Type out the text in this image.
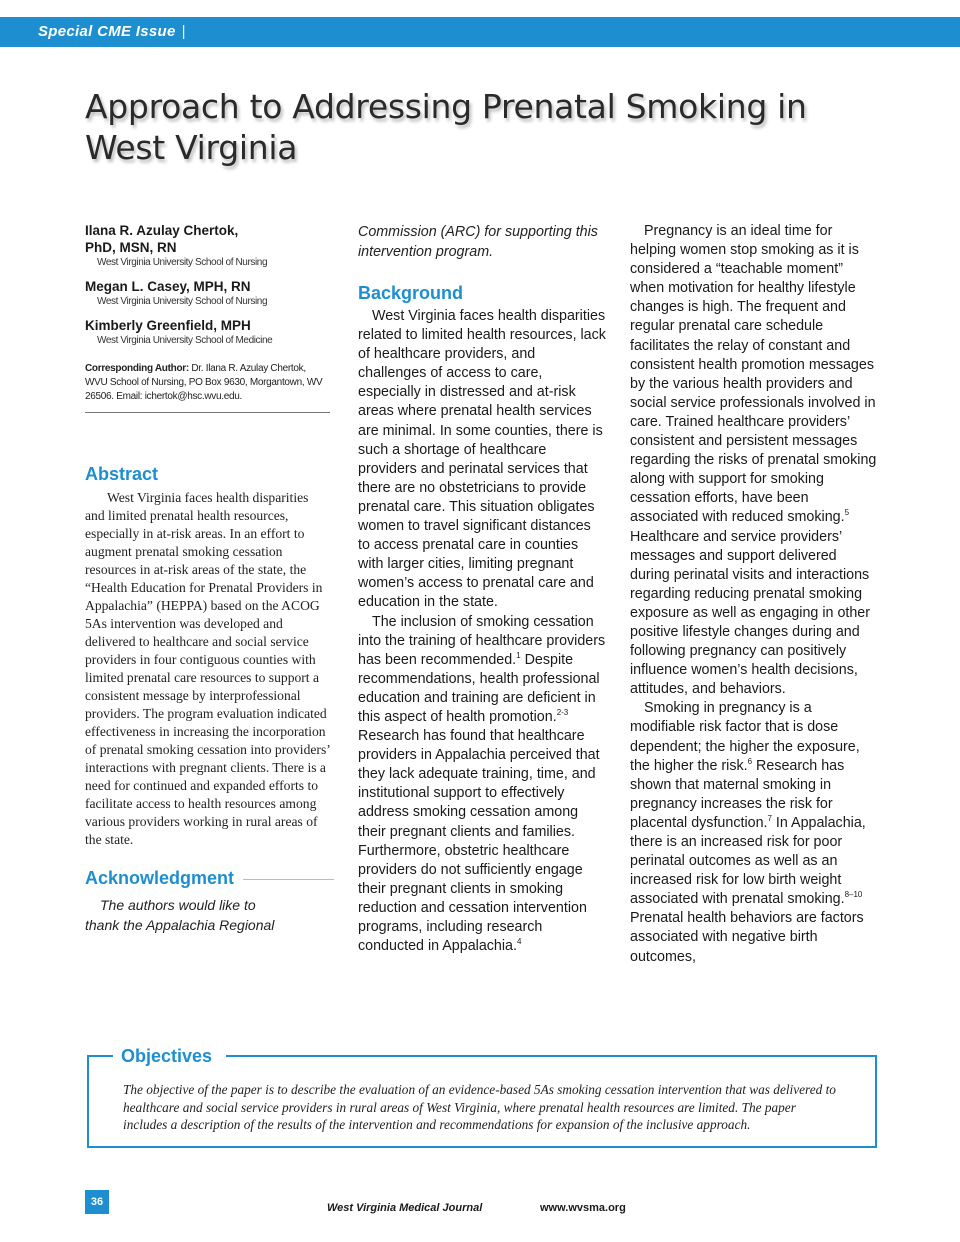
Special CME Issue |
Approach to Addressing Prenatal Smoking in
West Virginia
Ilana R. Azulay Chertok,
PhD, MSN, RN
West Virginia University School of Nursing
Megan L. Casey, MPH, RN
West Virginia University School of Nursing
Kimberly Greenfield, MPH
West Virginia University School of Medicine
Corresponding Author: Dr. Ilana R. Azulay Chertok, WVU School of Nursing, PO Box 9630, Morgantown, WV 26506. Email: ichertok@hsc.wvu.edu.
Abstract

West Virginia faces health disparities and limited prenatal health resources, especially in at-risk areas. In an effort to augment prenatal smoking cessation resources in at-risk areas of the state, the “Health Education for Prenatal Providers in Appalachia” (HEPPA) based on the ACOG 5As intervention was developed and delivered to healthcare and social service providers in four contiguous counties with limited prenatal care resources to support a consistent message by interprofessional providers. The program evaluation indicated effectiveness in increasing the incorporation of prenatal smoking cessation into providers’ interactions with pregnant clients. There is a need for continued and expanded efforts to facilitate access to health resources among various providers working in rural areas of the state.

Acknowledgment
The authors would like to
thank the Appalachia Regional
Commission (ARC) for supporting this intervention program.
Background

West Virginia faces health disparities related to limited health resources, lack of healthcare providers, and challenges of access to care, especially in distressed and at-risk areas where prenatal health services are minimal. In some counties, there is such a shortage of healthcare providers and perinatal services that there are no obstetricians to provide prenatal care. This situation obligates women to travel significant distances to access prenatal care in counties with larger cities, limiting pregnant women’s access to prenatal care and education in the state.

The inclusion of smoking cessation into the training of healthcare providers has been recommended.$^1$ Despite recommendations, health professional education and training are deficient in this aspect of health promotion.$^{2-3}$ Research has found that healthcare providers in Appalachia perceived that they lack adequate training, time, and institutional support to effectively address smoking cessation among their pregnant clients and families. Furthermore, obstetric healthcare providers do not sufficiently engage their pregnant clients in smoking reduction and cessation intervention programs, including research conducted in Appalachia.$^4$

Pregnancy is an ideal time for helping women stop smoking as it is considered a “teachable moment” when motivation for healthy lifestyle changes is high. The frequent and regular prenatal care schedule facilitates the relay of constant and consistent health promotion messages by the various health providers and social service professionals involved in care. Trained healthcare providers’ consistent and persistent messages regarding the risks of prenatal smoking along with support for smoking cessation efforts, have been associated with reduced smoking.$^5$ Healthcare and service providers’ messages and support delivered during perinatal visits and interactions regarding reducing prenatal smoking exposure as well as engaging in other positive lifestyle changes during and following pregnancy can positively influence women’s health decisions, attitudes, and behaviors.

Smoking in pregnancy is a modifiable risk factor that is dose dependent; the higher the exposure, the higher the risk.$^6$ Research has shown that maternal smoking in pregnancy increases the risk for placental dysfunction.$^7$ In Appalachia, there is an increased risk for poor perinatal outcomes as well as an increased risk for low birth weight associated with prenatal smoking.$^{8-10}$ Prenatal health behaviors are factors associated with negative birth outcomes,

Objectives
The objective of the paper is to describe the evaluation of an evidence-based 5As smoking cessation intervention that was delivered to healthcare and social service providers in rural areas of West Virginia, where prenatal health resources are limited. The paper includes a description of the results of the intervention and recommendations for expansion of the inclusive approach.
36	West Virginia Medical Journal	www.wvsma.org
